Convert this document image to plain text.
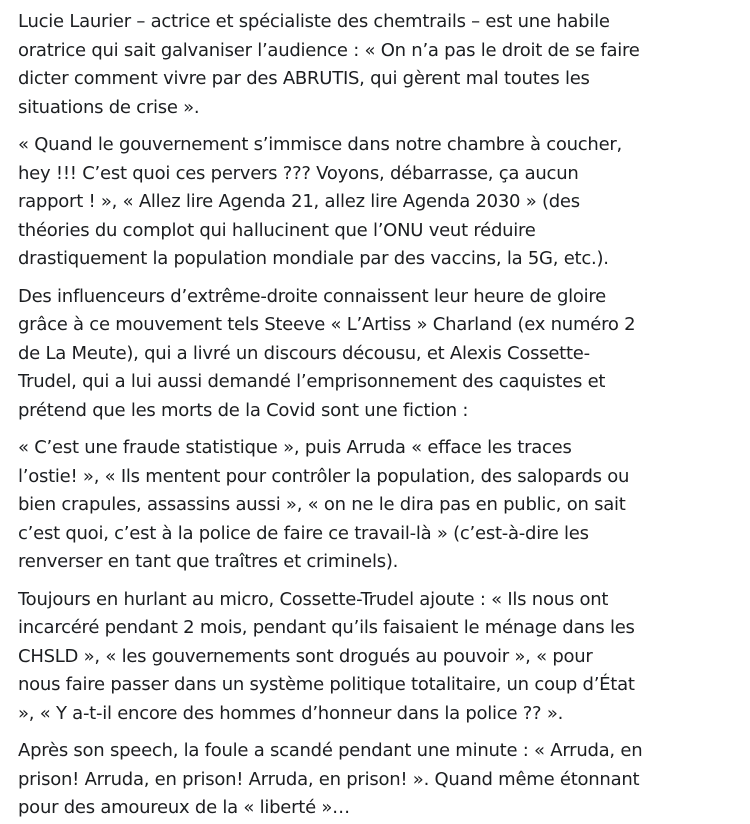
Lucie Laurier – actrice et spécialiste des chemtrails – est une habile
oratrice qui sait galvaniser l’audience : « On n’a pas le droit de se faire
dicter comment vivre par des ABRUTIS, qui gèrent mal toutes les
situations de crise ».

« Quand le gouvernement s’immisce dans notre chambre à coucher,
hey !!! C’est quoi ces pervers ??? Voyons, débarrasse, ça aucun
rapport ! », « Allez lire Agenda 21, allez lire Agenda 2030 » (des
théories du complot qui hallucinent que l’ONU veut réduire
drastiquement la population mondiale par des vaccins, la 5G, etc.).

Des influenceurs d’extrême-droite connaissent leur heure de gloire
grâce à ce mouvement tels Steeve « L’Artiss » Charland (ex numéro 2
de La Meute), qui a livré un discours décousu, et Alexis Cossette-
Trudel, qui a lui aussi demandé l’emprisonnement des caquistes et
prétend que les morts de la Covid sont une fiction :

« C’est une fraude statistique », puis Arruda « efface les traces
l’ostie! », « Ils mentent pour contrôler la population, des salopards ou
bien crapules, assassins aussi », « on ne le dira pas en public, on sait
c’est quoi, c’est à la police de faire ce travail-là » (c’est-à-dire les
renverser en tant que traîtres et criminels).

Toujours en hurlant au micro, Cossette-Trudel ajoute : « Ils nous ont
incarcéré pendant 2 mois, pendant qu’ils faisaient le ménage dans les
CHSLD », « les gouvernements sont drogués au pouvoir », « pour
nous faire passer dans un système politique totalitaire, un coup d’État
», « Y a-t-il encore des hommes d’honneur dans la police ?? ».

Après son speech, la foule a scandé pendant une minute : « Arruda, en
prison! Arruda, en prison! Arruda, en prison! ». Quand même étonnant
pour des amoureux de la « liberté »…
